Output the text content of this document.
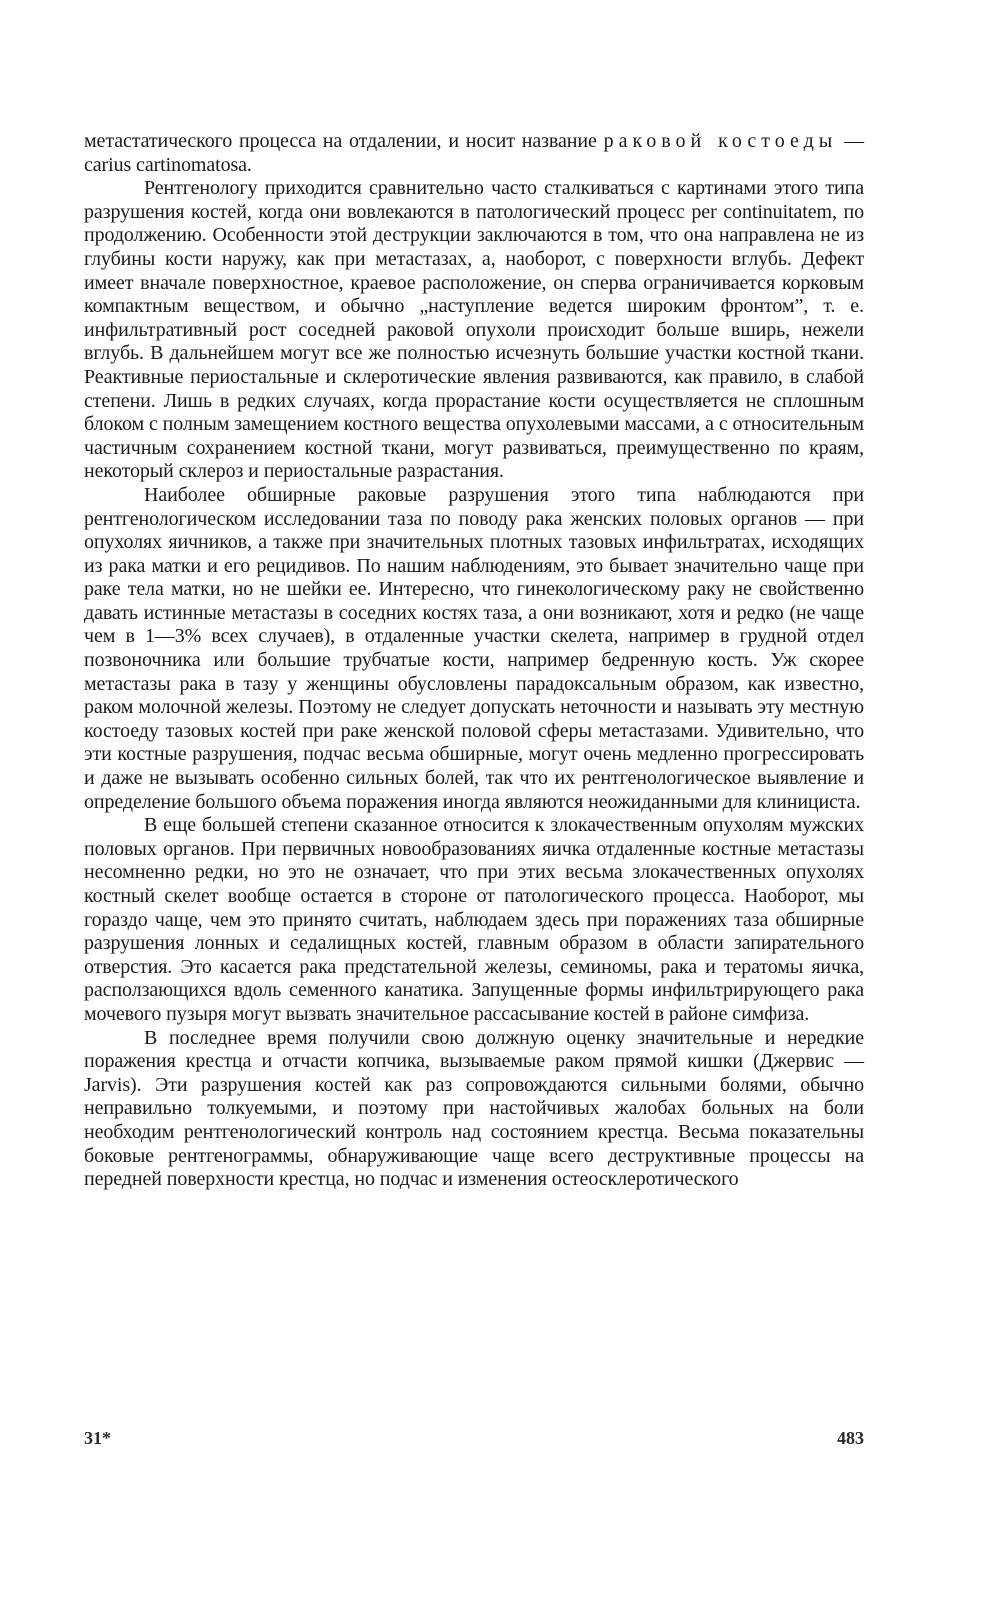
метастатического процесса на отдалении, и носит название раковой костоеды — carius cartinomatosa.

Рентгенологу приходится сравнительно часто сталкиваться с картинами этого типа разрушения костей, когда они вовлекаются в патологический процесс per continuitatem, по продолжению. Особенности этой деструкции заключаются в том, что она направлена не из глубины кости наружу, как при метастазах, а, наоборот, с поверхности вглубь. Дефект имеет вначале поверхностное, краевое расположение, он сперва ограничивается корковым компактным веществом, и обычно „наступление ведется широким фронтом”, т. е. инфильтративный рост соседней раковой опухоли происходит больше вширь, нежели вглубь. В дальнейшем могут все же полностью исчезнуть большие участки костной ткани. Реактивные периостальные и склеротические явления развиваются, как правило, в слабой степени. Лишь в редких случаях, когда прорастание кости осуществляется не сплошным блоком с полным замещением костного вещества опухолевыми массами, а с относительным частичным сохранением костной ткани, могут развиваться, преимущественно по краям, некоторый склероз и периостальные разрастания.

Наиболее обширные раковые разрушения этого типа наблюдаются при рентгенологическом исследовании таза по поводу рака женских половых органов — при опухолях яичников, а также при значительных плотных тазовых инфильтратах, исходящих из рака матки и его рецидивов. По нашим наблюдениям, это бывает значительно чаще при раке тела матки, но не шейки ее. Интересно, что гинекологическому раку не свойственно давать истинные метастазы в соседних костях таза, а они возникают, хотя и редко (не чаще чем в 1—3% всех случаев), в отдаленные участки скелета, например в грудной отдел позвоночника или большие трубчатые кости, например бедренную кость. Уж скорее метастазы рака в тазу у женщины обусловлены парадоксальным образом, как известно, раком молочной железы. Поэтому не следует допускать неточности и называть эту местную костоеду тазовых костей при раке женской половой сферы метастазами. Удивительно, что эти костные разрушения, подчас весьма обширные, могут очень медленно прогрессировать и даже не вызывать особенно сильных болей, так что их рентгенологическое выявление и определение большого объема поражения иногда являются неожиданными для клинициста.

В еще большей степени сказанное относится к злокачественным опухолям мужских половых органов. При первичных новообразованиях яичка отдаленные костные метастазы несомненно редки, но это не означает, что при этих весьма злокачественных опухолях костный скелет вообще остается в стороне от патологического процесса. Наоборот, мы гораздо чаще, чем это принято считать, наблюдаем здесь при поражениях таза обширные разрушения лонных и седалищных костей, главным образом в области запирательного отверстия. Это касается рака предстательной железы, семиномы, рака и тератомы яичка, расползающихся вдоль семенного канатика. Запущенные формы инфильтрирующего рака мочевого пузыря могут вызвать значительное рассасывание костей в районе симфиза.

В последнее время получили свою должную оценку значительные и нередкие поражения крестца и отчасти копчика, вызываемые раком прямой кишки (Джервис — Jarvis). Эти разрушения костей как раз сопровождаются сильными болями, обычно неправильно толкуемыми, и поэтому при настойчивых жалобах больных на боли необходим рентгенологический контроль над состоянием крестца. Весьма показательны боковые рентгенограммы, обнаруживающие чаще всего деструктивные процессы на передней поверхности крестца, но подчас и изменения остеосклеротического

31*	483
